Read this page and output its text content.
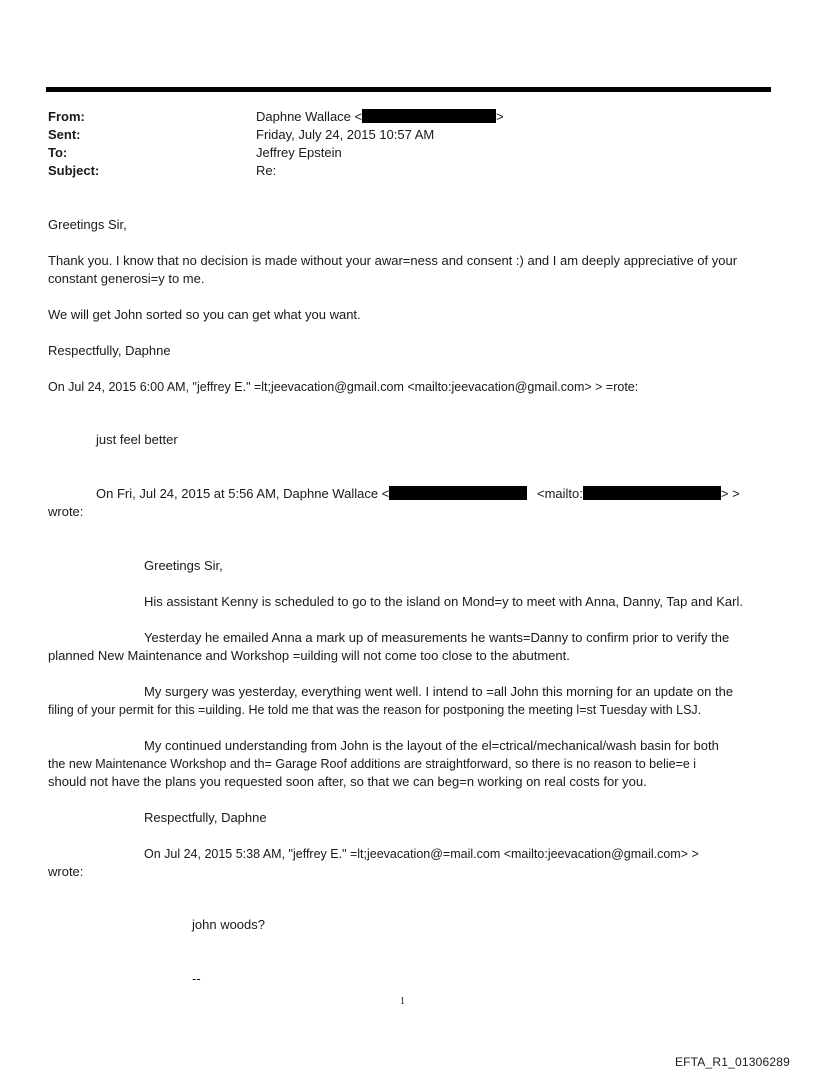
From:	Daphne Wallace <	>
Sent:	Friday, July 24, 2015 10:57 AM
To:	Jeffrey Epstein
Subject:	Re:
Greetings Sir,
Thank you. I know that no decision is made without your awar=ness and consent :) and I am deeply appreciative of your
constant generosi=y to me.
We will get John sorted so you can get what you want.
Respectfully, Daphne
On Jul 24, 2015 6:00 AM, "jeffrey E." =lt;jeevacation@gmail.com <mailto:jeevacation@gmail.com> > =rote:
just feel better
On Fri, Jul 24, 2015 at 5:56 AM, Daphne Wallace <	<mailto:	> >
wrote:
Greetings Sir,
His assistant Kenny is scheduled to go to the island on Mond=y to meet with Anna, Danny, Tap and Karl.
Yesterday he emailed Anna a mark up of measurements he wants=Danny to confirm prior to verify the
planned New Maintenance and Workshop =uilding will not come too close to the abutment.
My surgery was yesterday, everything went well. I intend to =all John this morning for an update on the
filing of your permit for this =uilding. He told me that was the reason for postponing the meeting l=st Tuesday with LSJ.
My continued understanding from John is the layout of the el=ctrical/mechanical/wash basin for both
the new Maintenance Workshop and th= Garage Roof additions are straightforward, so there is no reason to belie=e i
should not have the plans you requested soon after, so that we can beg=n working on real costs for you.
Respectfully, Daphne
On Jul 24, 2015 5:38 AM, "jeffrey E." =lt;jeevacation@=mail.com <mailto:jeevacation@gmail.com> >
wrote:
john woods?
--
1
EFTA_R1_01306289
